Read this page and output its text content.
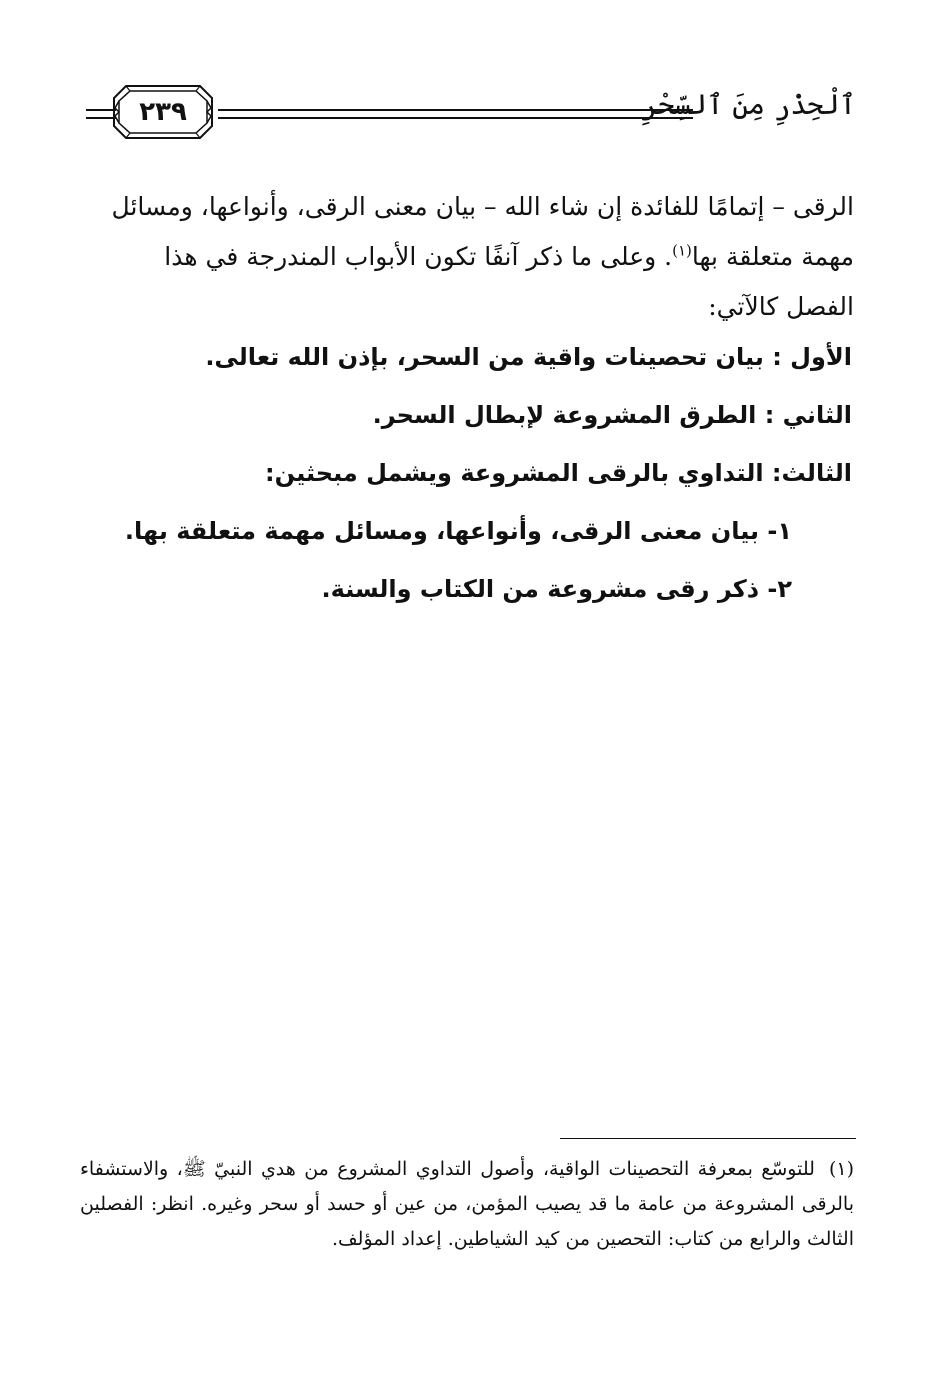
ٱلْحِذْرِ مِنَ ٱلسِّحْرِ
٢٣٩
الرقى – إتمامًا للفائدة إن شاء الله – بيان معنى الرقى، وأنواعها، ومسائل
مهمة متعلقة بها$^{(١)}$. وعلى ما ذكر آنفًا تكون الأبواب المندرجة في هذا
الفصل كالآتي:
الأول : بيان تحصينات واقية من السحر، بإذن الله تعالى.
الثاني : الطرق المشروعة لإبطال السحر.
الثالث: التداوي بالرقى المشروعة ويشمل مبحثين:
١- بيان معنى الرقى، وأنواعها، ومسائل مهمة متعلقة بها.
٢- ذكر رقى مشروعة من الكتاب والسنة.
(١)للتوسّع بمعرفة التحصينات الواقية، وأصول التداوي المشروع من هدي النبيّ ﷺ، والاستشفاء بالرقى المشروعة من عامة ما قد يصيب المؤمن، من عين أو حسد أو سحر وغيره. انظر: الفصلين الثالث والرابع من كتاب: التحصين من كيد الشياطين. إعداد المؤلف.
